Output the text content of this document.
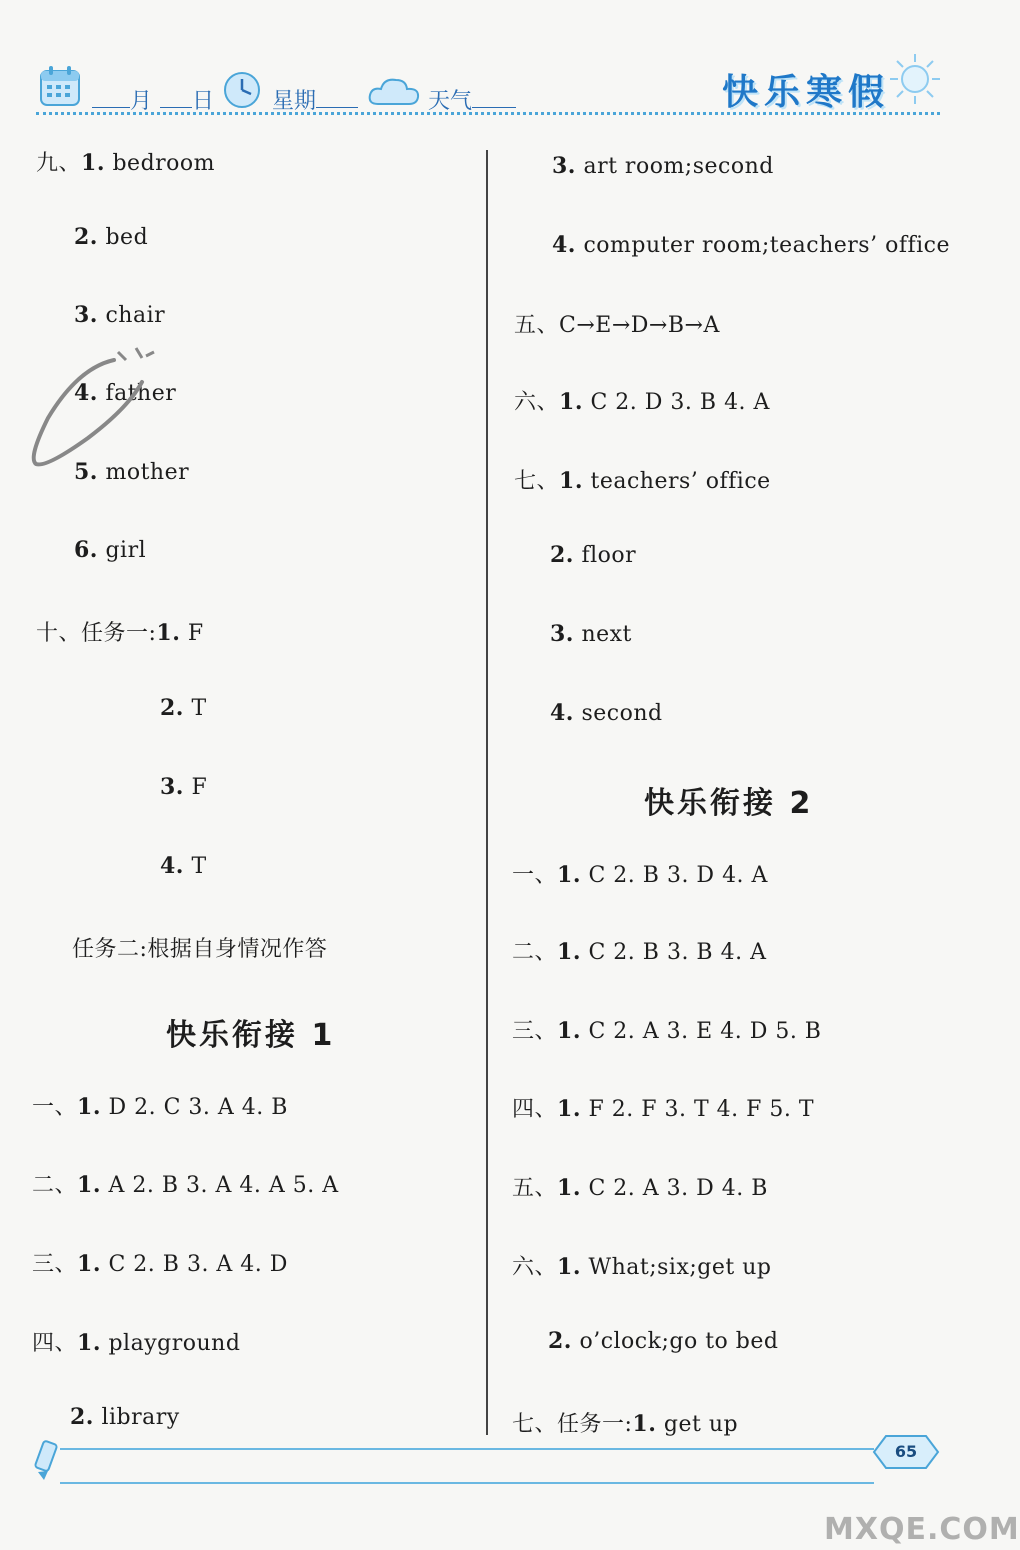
月	日	星期	天气	快乐寒假
九、1. bedroom
2. bed
3. chair
4. father
5. mother
6. girl
十、任务一:1. F
2. T
3. F
4. T
任务二:根据自身情况作答
快乐衔接 1
一、1. D 2. C 3. A 4. B
二、1. A 2. B 3. A 4. A 5. A
三、1. C 2. B 3. A 4. D
四、1. playground
2. library
3. art room;second
4. computer room;teachers’ office
五、C→E→D→B→A
六、1. C 2. D 3. B 4. A
七、1. teachers’ office
2. floor
3. next
4. second
快乐衔接 2
一、1. C 2. B 3. D 4. A
二、1. C 2. B 3. B 4. A
三、1. C 2. A 3. E 4. D 5. B
四、1. F 2. F 3. T 4. F 5. T
五、1. C 2. A 3. D 4. B
六、1. What;six;get up
2. o’clock;go to bed
七、任务一:1. get up
65
MXQE.COM
